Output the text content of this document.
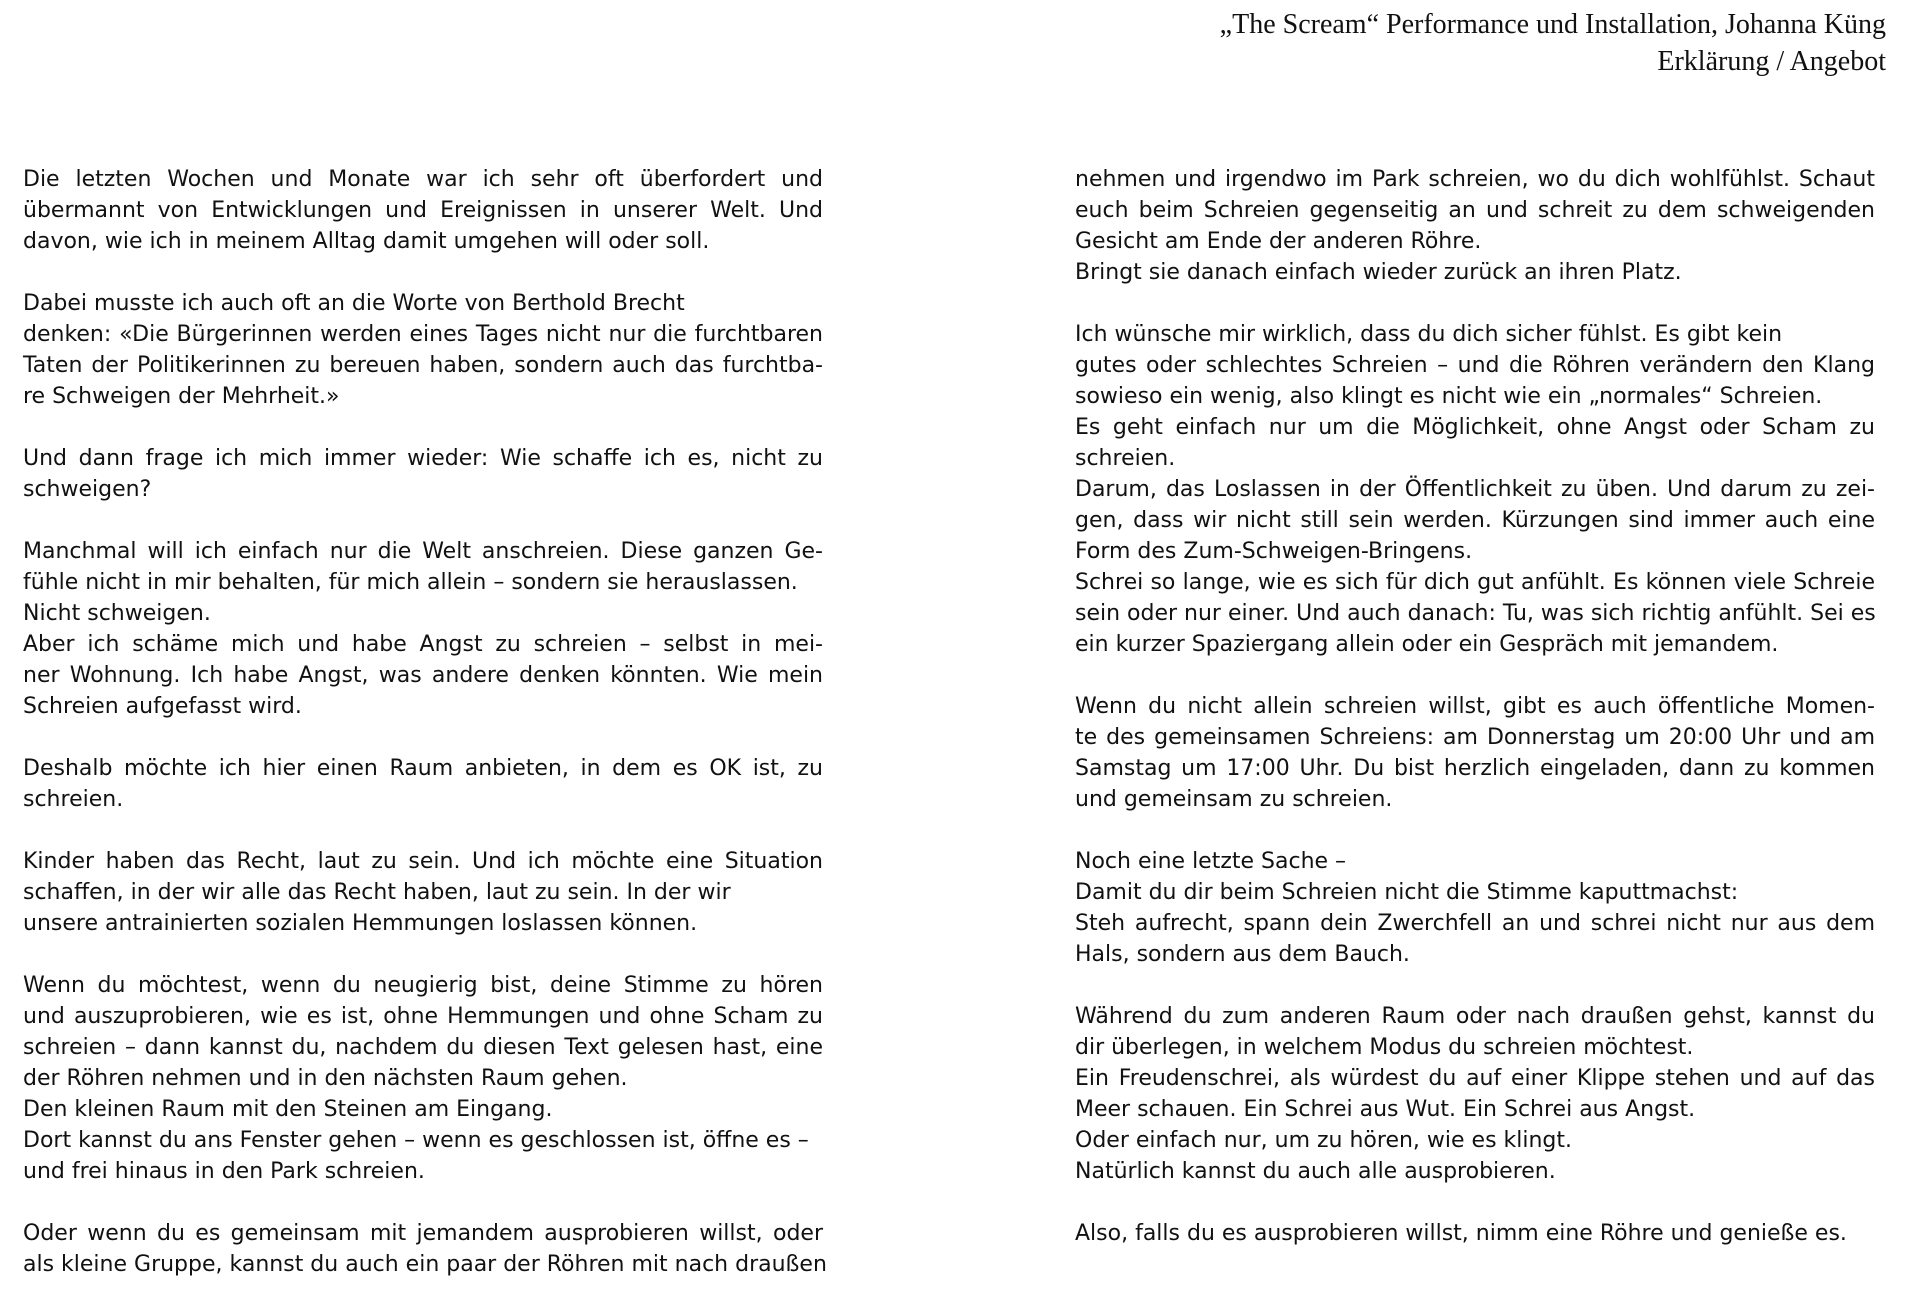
„The Scream“ Performance und Installation, Johanna Küng
Erklärung / Angebot
Die letzten Wochen und Monate war ich sehr oft überfordert und
übermannt von Entwicklungen und Ereignissen in unserer Welt. Und
davon, wie ich in meinem Alltag damit umgehen will oder soll.
Dabei musste ich auch oft an die Worte von Berthold Brecht
denken: «Die Bürgerinnen werden eines Tages nicht nur die furchtbaren
Taten der Politikerinnen zu bereuen haben, sondern auch das furchtba-
re Schweigen der Mehrheit.»
Und dann frage ich mich immer wieder: Wie schaffe ich es, nicht zu
schweigen?
Manchmal will ich einfach nur die Welt anschreien. Diese ganzen Ge-
fühle nicht in mir behalten, für mich allein – sondern sie herauslassen.
Nicht schweigen.
Aber ich schäme mich und habe Angst zu schreien – selbst in mei-
ner Wohnung. Ich habe Angst, was andere denken könnten. Wie mein
Schreien aufgefasst wird.
Deshalb möchte ich hier einen Raum anbieten, in dem es OK ist, zu
schreien.
Kinder haben das Recht, laut zu sein. Und ich möchte eine Situation
schaffen, in der wir alle das Recht haben, laut zu sein. In der wir
unsere antrainierten sozialen Hemmungen loslassen können.
Wenn du möchtest, wenn du neugierig bist, deine Stimme zu hören
und auszuprobieren, wie es ist, ohne Hemmungen und ohne Scham zu
schreien – dann kannst du, nachdem du diesen Text gelesen hast, eine
der Röhren nehmen und in den nächsten Raum gehen.
Den kleinen Raum mit den Steinen am Eingang.
Dort kannst du ans Fenster gehen – wenn es geschlossen ist, öffne es –
und frei hinaus in den Park schreien.
Oder wenn du es gemeinsam mit jemandem ausprobieren willst, oder
als kleine Gruppe, kannst du auch ein paar der Röhren mit nach draußen
nehmen und irgendwo im Park schreien, wo du dich wohlfühlst. Schaut
euch beim Schreien gegenseitig an und schreit zu dem schweigenden
Gesicht am Ende der anderen Röhre.
Bringt sie danach einfach wieder zurück an ihren Platz.
Ich wünsche mir wirklich, dass du dich sicher fühlst. Es gibt kein
gutes oder schlechtes Schreien – und die Röhren verändern den Klang
sowieso ein wenig, also klingt es nicht wie ein „normales“ Schreien.
Es geht einfach nur um die Möglichkeit, ohne Angst oder Scham zu
schreien.
Darum, das Loslassen in der Öffentlichkeit zu üben. Und darum zu zei-
gen, dass wir nicht still sein werden. Kürzungen sind immer auch eine
Form des Zum-Schweigen-Bringens.
Schrei so lange, wie es sich für dich gut anfühlt. Es können viele Schreie
sein oder nur einer. Und auch danach: Tu, was sich richtig anfühlt. Sei es
ein kurzer Spaziergang allein oder ein Gespräch mit jemandem.
Wenn du nicht allein schreien willst, gibt es auch öffentliche Momen-
te des gemeinsamen Schreiens: am Donnerstag um 20:00 Uhr und am
Samstag um 17:00 Uhr. Du bist herzlich eingeladen, dann zu kommen
und gemeinsam zu schreien.
Noch eine letzte Sache –
Damit du dir beim Schreien nicht die Stimme kaputtmachst:
Steh aufrecht, spann dein Zwerchfell an und schrei nicht nur aus dem
Hals, sondern aus dem Bauch.
Während du zum anderen Raum oder nach draußen gehst, kannst du
dir überlegen, in welchem Modus du schreien möchtest.
Ein Freudenschrei, als würdest du auf einer Klippe stehen und auf das
Meer schauen. Ein Schrei aus Wut. Ein Schrei aus Angst.
Oder einfach nur, um zu hören, wie es klingt.
Natürlich kannst du auch alle ausprobieren.
Also, falls du es ausprobieren willst, nimm eine Röhre und genieße es.
